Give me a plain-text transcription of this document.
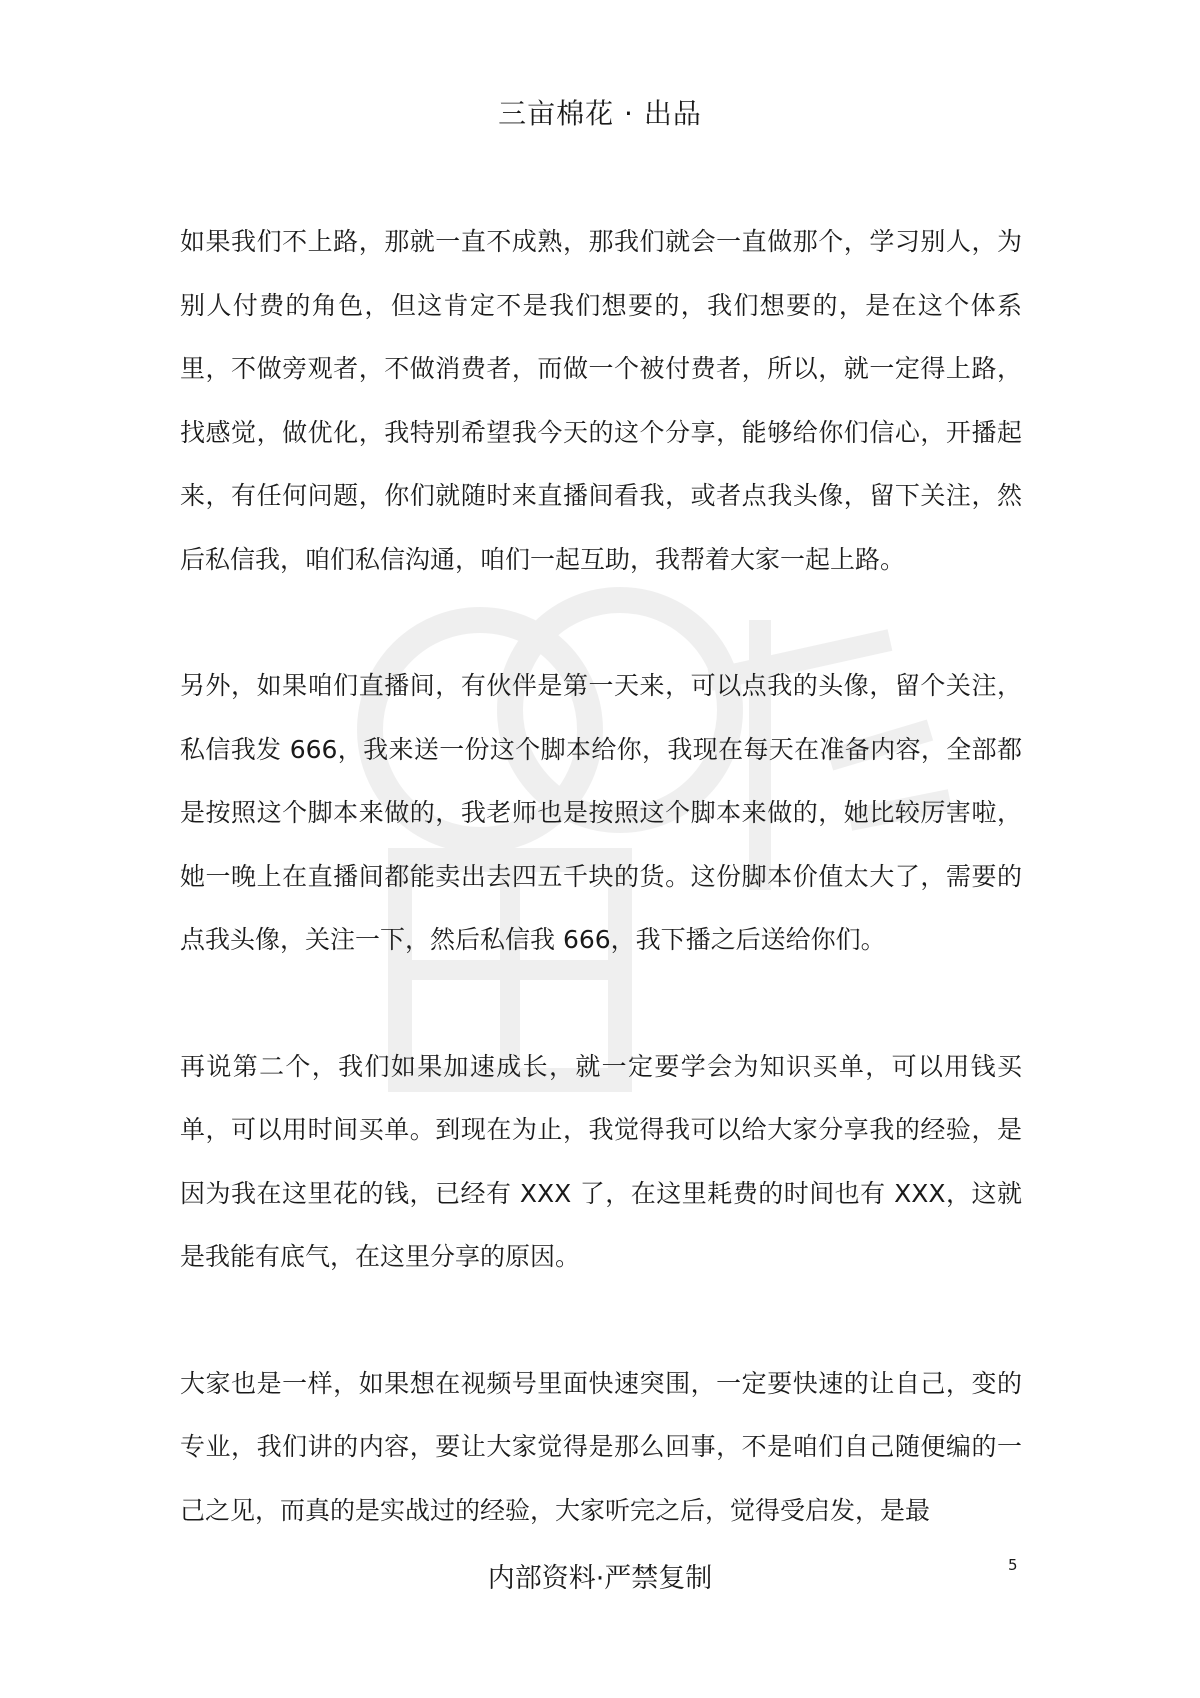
三亩棉花 · 出品

如果我们不上路，那就一直不成熟，那我们就会一直做那个，学习别人，为别人付费的角色，但这肯定不是我们想要的，我们想要的，是在这个体系里，不做旁观者，不做消费者，而做一个被付费者，所以，就一定得上路，找感觉，做优化，我特别希望我今天的这个分享，能够给你们信心，开播起来，有任何问题，你们就随时来直播间看我，或者点我头像，留下关注，然后私信我，咱们私信沟通，咱们一起互助，我帮着大家一起上路。

另外，如果咱们直播间，有伙伴是第一天来，可以点我的头像，留个关注，私信我发 666，我来送一份这个脚本给你，我现在每天在准备内容，全部都是按照这个脚本来做的，我老师也是按照这个脚本来做的，她比较厉害啦，她一晚上在直播间都能卖出去四五千块的货。这份脚本价值太大了，需要的点我头像，关注一下，然后私信我 666，我下播之后送给你们。

再说第二个，我们如果加速成长，就一定要学会为知识买单，可以用钱买单，可以用时间买单。到现在为止，我觉得我可以给大家分享我的经验，是因为我在这里花的钱，已经有 XXX 了，在这里耗费的时间也有 XXX，这就是我能有底气，在这里分享的原因。

大家也是一样，如果想在视频号里面快速突围，一定要快速的让自己，变的专业，我们讲的内容，要让大家觉得是那么回事，不是咱们自己随便编的一己之见，而真的是实战过的经验，大家听完之后，觉得受启发，是最

内部资料·严禁复制	5
